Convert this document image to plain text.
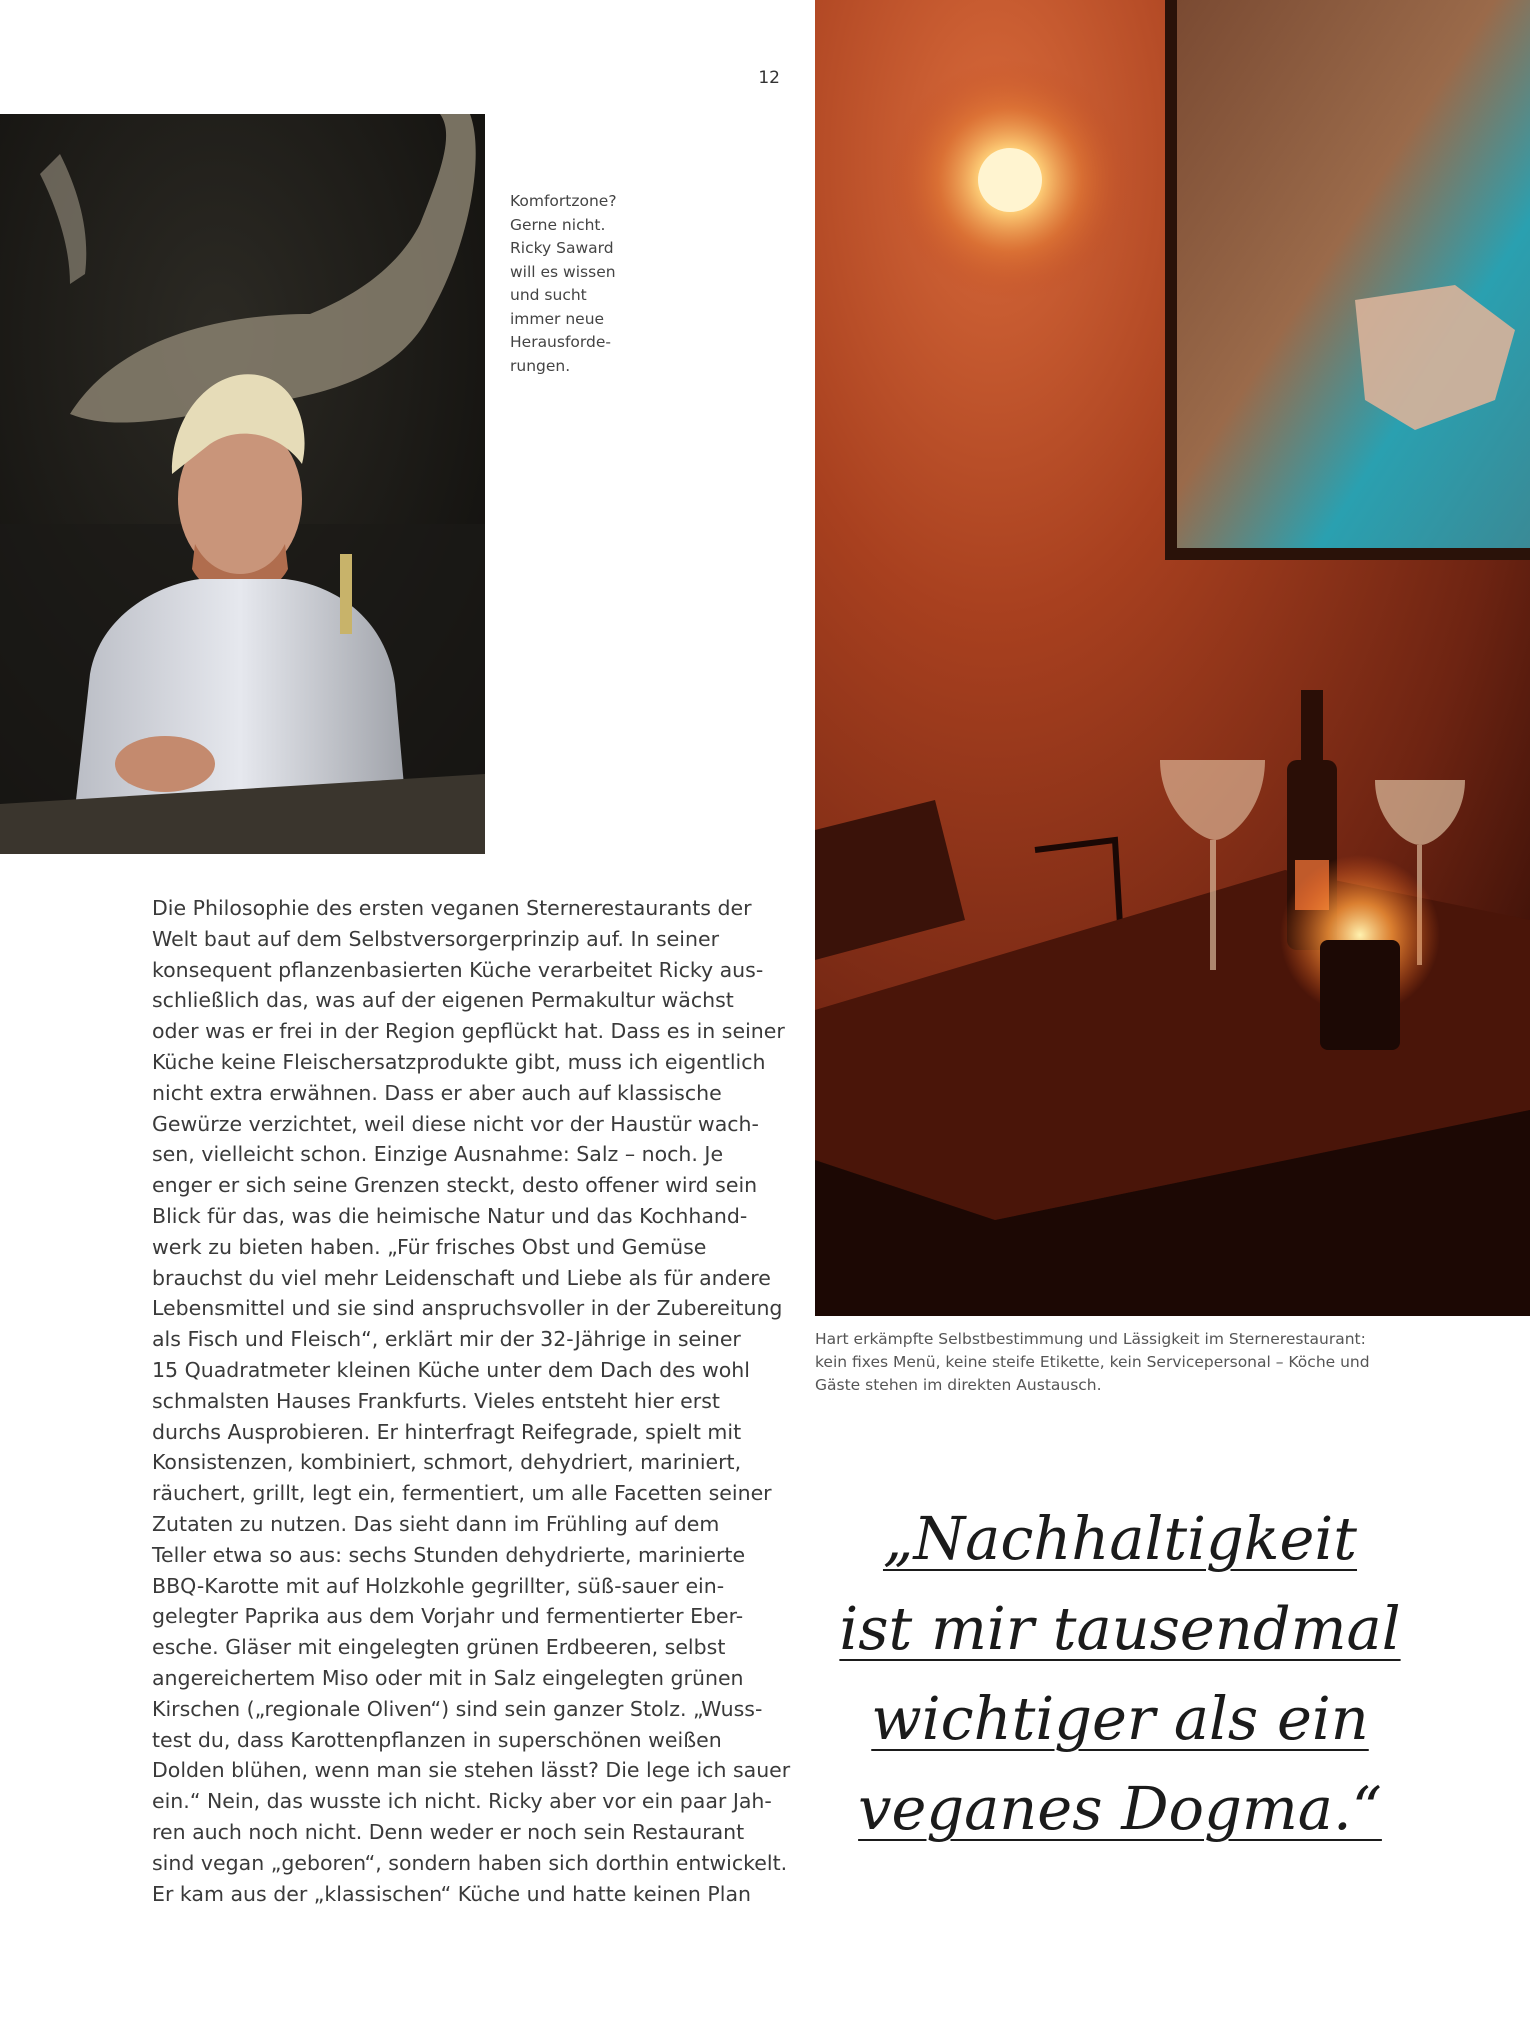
12
Komfortzone?
Gerne nicht.
Ricky Saward
will es wissen
und sucht
immer neue
Herausforde-
rungen.
Hart erkämpfte Selbstbestimmung und Lässigkeit im Sternerestaurant:
kein fixes Menü, keine steife Etikette, kein Servicepersonal – Köche und
Gäste stehen im direkten Austausch.
Die Philosophie des ersten veganen Sternerestaurants der
Welt baut auf dem Selbstversorgerprinzip auf. In seiner
konsequent pflanzenbasierten Küche verarbeitet Ricky aus-
schließlich das, was auf der eigenen Permakultur wächst
oder was er frei in der Region gepflückt hat. Dass es in seiner
Küche keine Fleischersatzprodukte gibt, muss ich eigentlich
nicht extra erwähnen. Dass er aber auch auf klassische
Gewürze verzichtet, weil diese nicht vor der Haustür wach-
sen, vielleicht schon. Einzige Ausnahme: Salz – noch. Je
enger er sich seine Grenzen steckt, desto offener wird sein
Blick für das, was die heimische Natur und das Kochhand-
werk zu bieten haben. „Für frisches Obst und Gemüse
brauchst du viel mehr Leidenschaft und Liebe als für andere
Lebensmittel und sie sind anspruchsvoller in der Zubereitung
als Fisch und Fleisch“, erklärt mir der 32-Jährige in seiner
15 Quadratmeter kleinen Küche unter dem Dach des wohl
schmalsten Hauses Frankfurts. Vieles entsteht hier erst
durchs Ausprobieren. Er hinterfragt Reifegrade, spielt mit
Konsistenzen, kombiniert, schmort, dehydriert, mariniert,
räuchert, grillt, legt ein, fermentiert, um alle Facetten seiner
Zutaten zu nutzen. Das sieht dann im Frühling auf dem
Teller etwa so aus: sechs Stunden dehydrierte, marinierte
BBQ-Karotte mit auf Holzkohle gegrillter, süß-sauer ein-
gelegter Paprika aus dem Vorjahr und fermentierter Eber-
esche. Gläser mit eingelegten grünen Erdbeeren, selbst
angereichertem Miso oder mit in Salz eingelegten grünen
Kirschen („regionale Oliven“) sind sein ganzer Stolz. „Wuss-
test du, dass Karottenpflanzen in superschönen weißen
Dolden blühen, wenn man sie stehen lässt? Die lege ich sauer
ein.“ Nein, das wusste ich nicht. Ricky aber vor ein paar Jah-
ren auch noch nicht. Denn weder er noch sein Restaurant
sind vegan „geboren“, sondern haben sich dorthin entwickelt.
Er kam aus der „klassischen“ Küche und hatte keinen Plan
„Nachhaltigkeit
ist mir tausendmal
wichtiger als ein
veganes Dogma.“
